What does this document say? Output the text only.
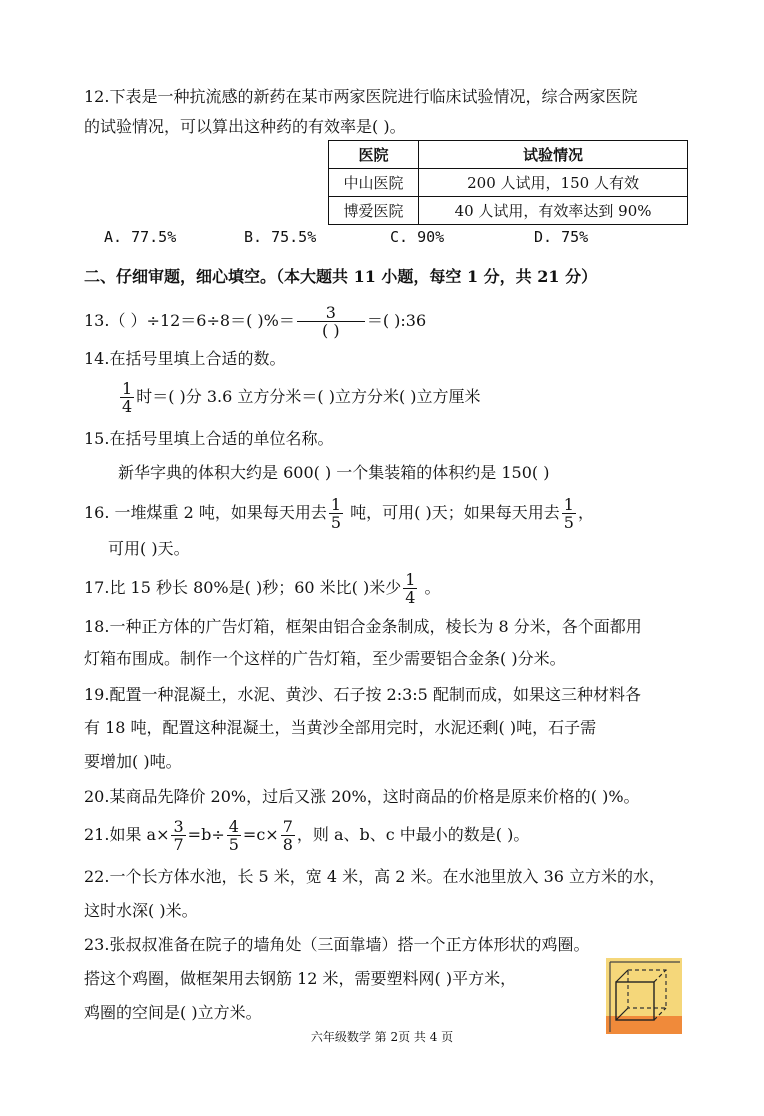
12.下表是一种抗流感的新药在某市两家医院进行临床试验情况，综合两家医院
的试验情况，可以算出这种药的有效率是( )。
医院	试验情况
中山医院	200 人试用，150 人有效
博爱医院	40 人试用，有效率达到 90%
A. 77.5%	B. 75.5%	C. 90%	D. 75%
二、仔细审题，细心填空。（本大题共 11 小题，每空 1 分，共 21 分）
13.（ ）÷12＝6÷8＝( )%＝ $\frac{3}{( )}$ ＝( ):36
14.在括号里填上合适的数。
$\frac{1}{4}$ 时＝( )分 3.6 立方分米＝( )立方分米( )立方厘米
15.在括号里填上合适的单位名称。
新华字典的体积大约是 600( ) 一个集装箱的体积约是 150( )
16. 一堆煤重 2 吨，如果每天用去 $\frac{1}{5}$ 吨，可用( )天；如果每天用去 $\frac{1}{5}$ ，
可用( )天。
17.比 15 秒长 80%是( )秒；60 米比( )米少 $\frac{1}{4}$ 。
18.一种正方体的广告灯箱，框架由铝合金条制成，棱长为 8 分米，各个面都用
灯箱布围成。制作一个这样的广告灯箱，至少需要铝合金条( )分米。
19.配置一种混凝土，水泥、黄沙、石子按 2:3:5 配制而成，如果这三种材料各
有 18 吨，配置这种混凝土，当黄沙全部用完时，水泥还剩( )吨，石子需
要增加( )吨。
20.某商品先降价 20%，过后又涨 20%，这时商品的价格是原来价格的( )%。
21.如果 $a\times \frac{3}{7} =b\div \frac{4}{5} =c\times \frac{7}{8}$ ，则 a、b、c 中最小的数是( )。
22.一个长方体水池，长 5 米，宽 4 米，高 2 米。在水池里放入 36 立方米的水，
这时水深( )米。
23.张叔叔准备在院子的墙角处（三面靠墙）搭一个正方体形状的鸡圈。
搭这个鸡圈，做框架用去钢筋 12 米，需要塑料网( )平方米，
鸡圈的空间是( )立方米。
六年级数学 第 2页 共 4 页
